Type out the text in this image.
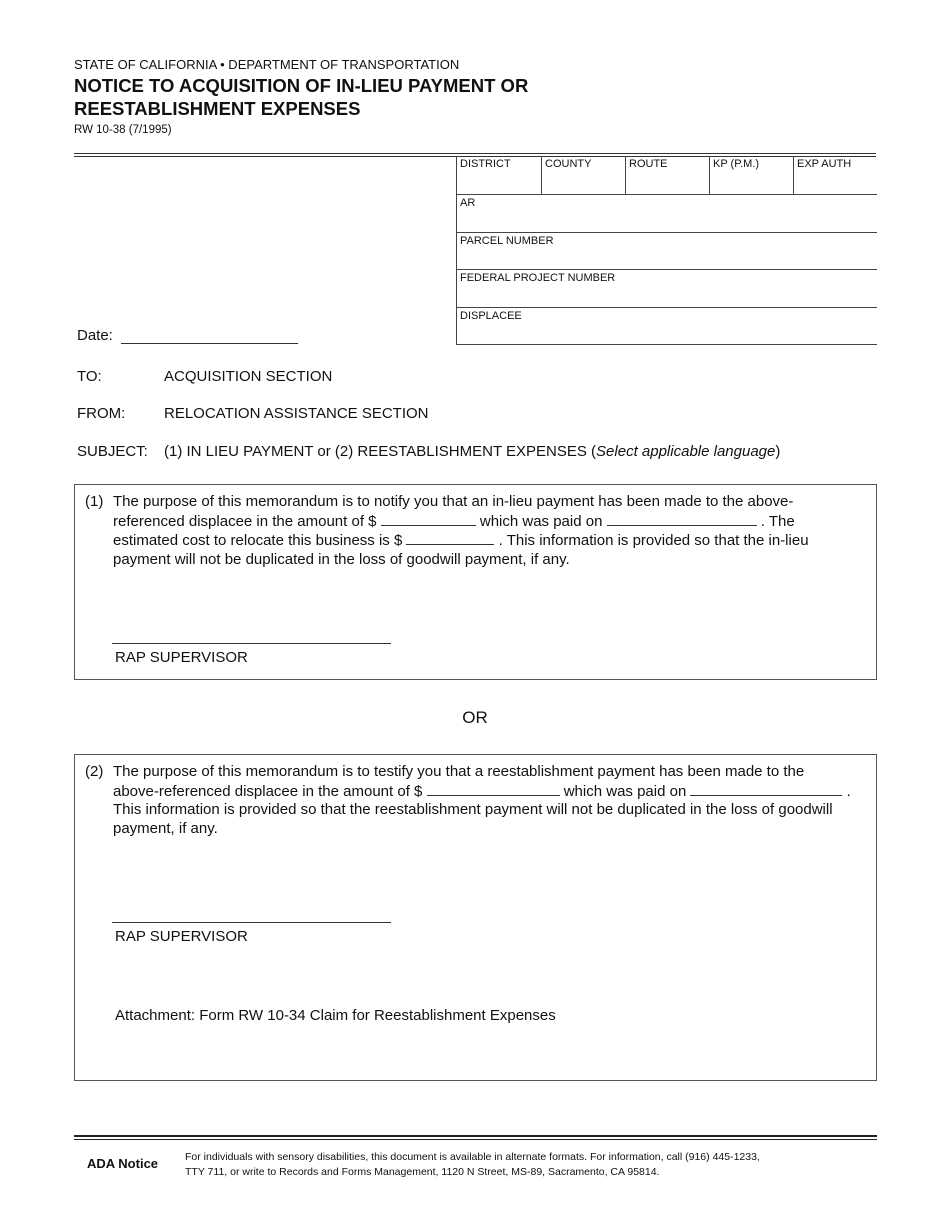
STATE OF CALIFORNIA • DEPARTMENT OF TRANSPORTATION
NOTICE TO ACQUISITION OF IN-LIEU PAYMENT OR
REESTABLISHMENT EXPENSES
RW 10-38 (7/1995)
DISTRICT	COUNTY	ROUTE	KP (P.M.)	EXP AUTH
AR
PARCEL NUMBER
FEDERAL PROJECT NUMBER
DISPLACEE
Date:
TO:	ACQUISITION SECTION
FROM:	RELOCATION ASSISTANCE SECTION
SUBJECT: (1) IN LIEU PAYMENT or (2) REESTABLISHMENT EXPENSES (Select applicable language)
(1) The purpose of this memorandum is to notify you that an in-lieu payment has been made to the above-
referenced displacee in the amount of $	which was paid on	. The
estimated cost to relocate this business is $	. This information is provided so that the in-lieu
payment will not be duplicated in the loss of goodwill payment, if any.
RAP SUPERVISOR
OR
(2) The purpose of this memorandum is to testify you that a reestablishment payment has been made to the
above-referenced displacee in the amount of $	which was paid on	.
This information is provided so that the reestablishment payment will not be duplicated in the loss of goodwill
payment, if any.
RAP SUPERVISOR
Attachment: Form RW 10-34 Claim for Reestablishment Expenses
ADA Notice	For individuals with sensory disabilities, this document is available in alternate formats. For information, call (916) 445-1233,
TTY 711, or write to Records and Forms Management, 1120 N Street, MS-89, Sacramento, CA 95814.
